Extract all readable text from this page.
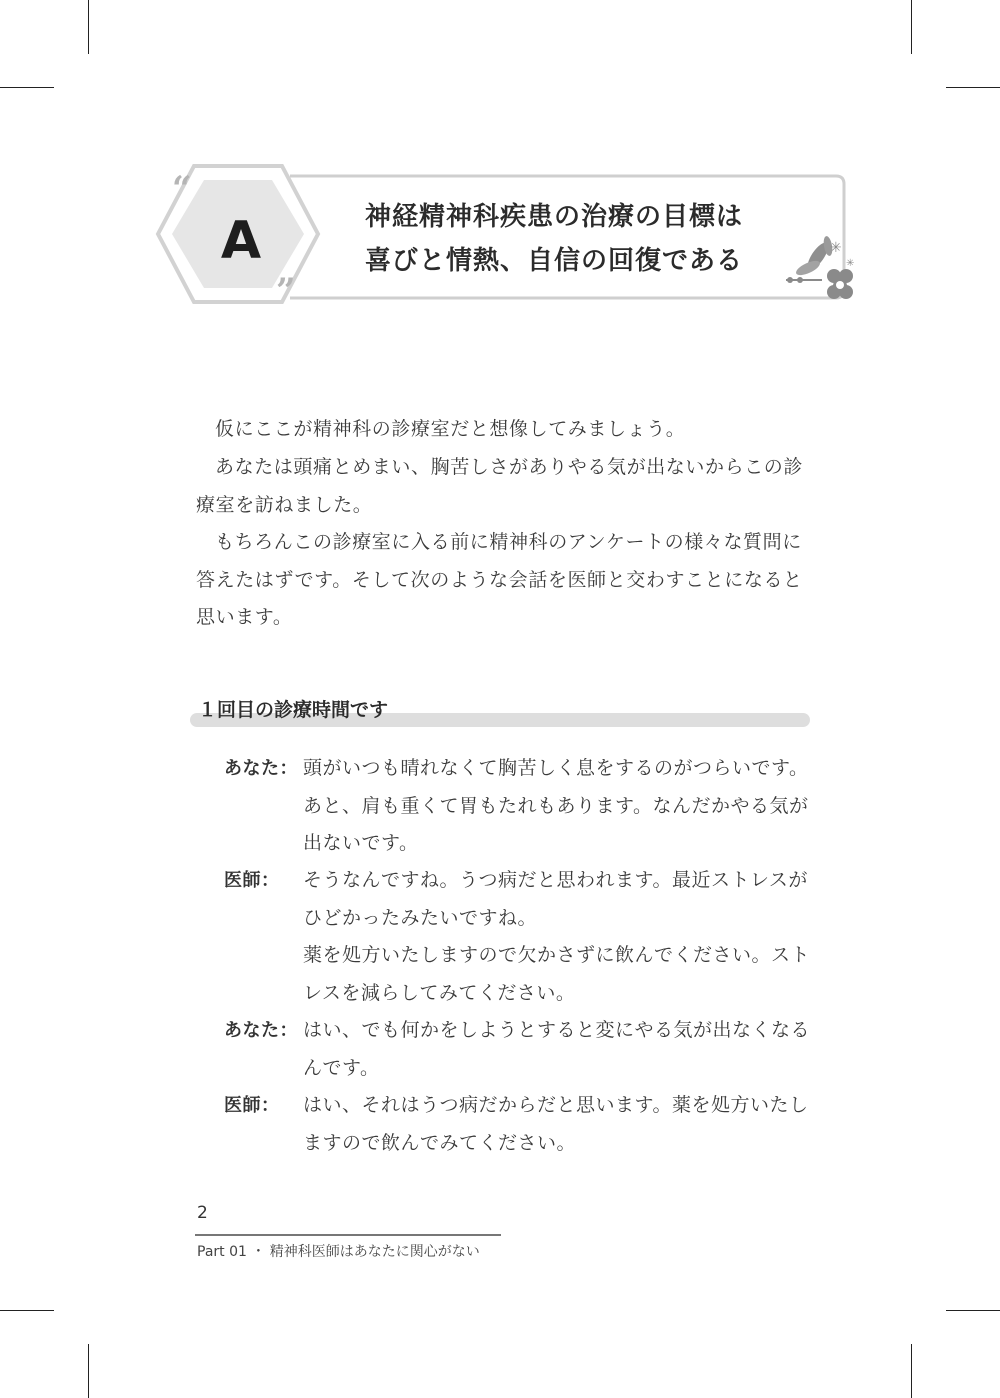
“
”
✳
✳
A	神経精神科疾患の治療の目標は
喜びと情熱、自信の回復である

仮にここが精神科の診療室だと想像してみましょう。

あなたは頭痛とめまい、胸苦しさがありやる気が出ないからこの診療室を訪ねました。

もちろんこの診療室に入る前に精神科のアンケートの様々な質問に答えたはずです。そして次のような会話を医師と交わすことになると思います。

１回目の診療時間です
あなた： 頭がいつも晴れなくて胸苦しく息をするのがつらいです。あと、肩も重くて胃もたれもあります。なんだかやる気が出ないです。
医師： そうなんですね。うつ病だと思われます。最近ストレスがひどかったみたいですね。
薬を処方いたしますので欠かさずに飲んでください。ストレスを減らしてみてください。
あなた： はい、でも何かをしようとすると変にやる気が出なくなるんです。
医師： はい、それはうつ病だからだと思います。薬を処方いたしますので飲んでみてください。
2
Part 01 ・ 精神科医師はあなたに関心がない
